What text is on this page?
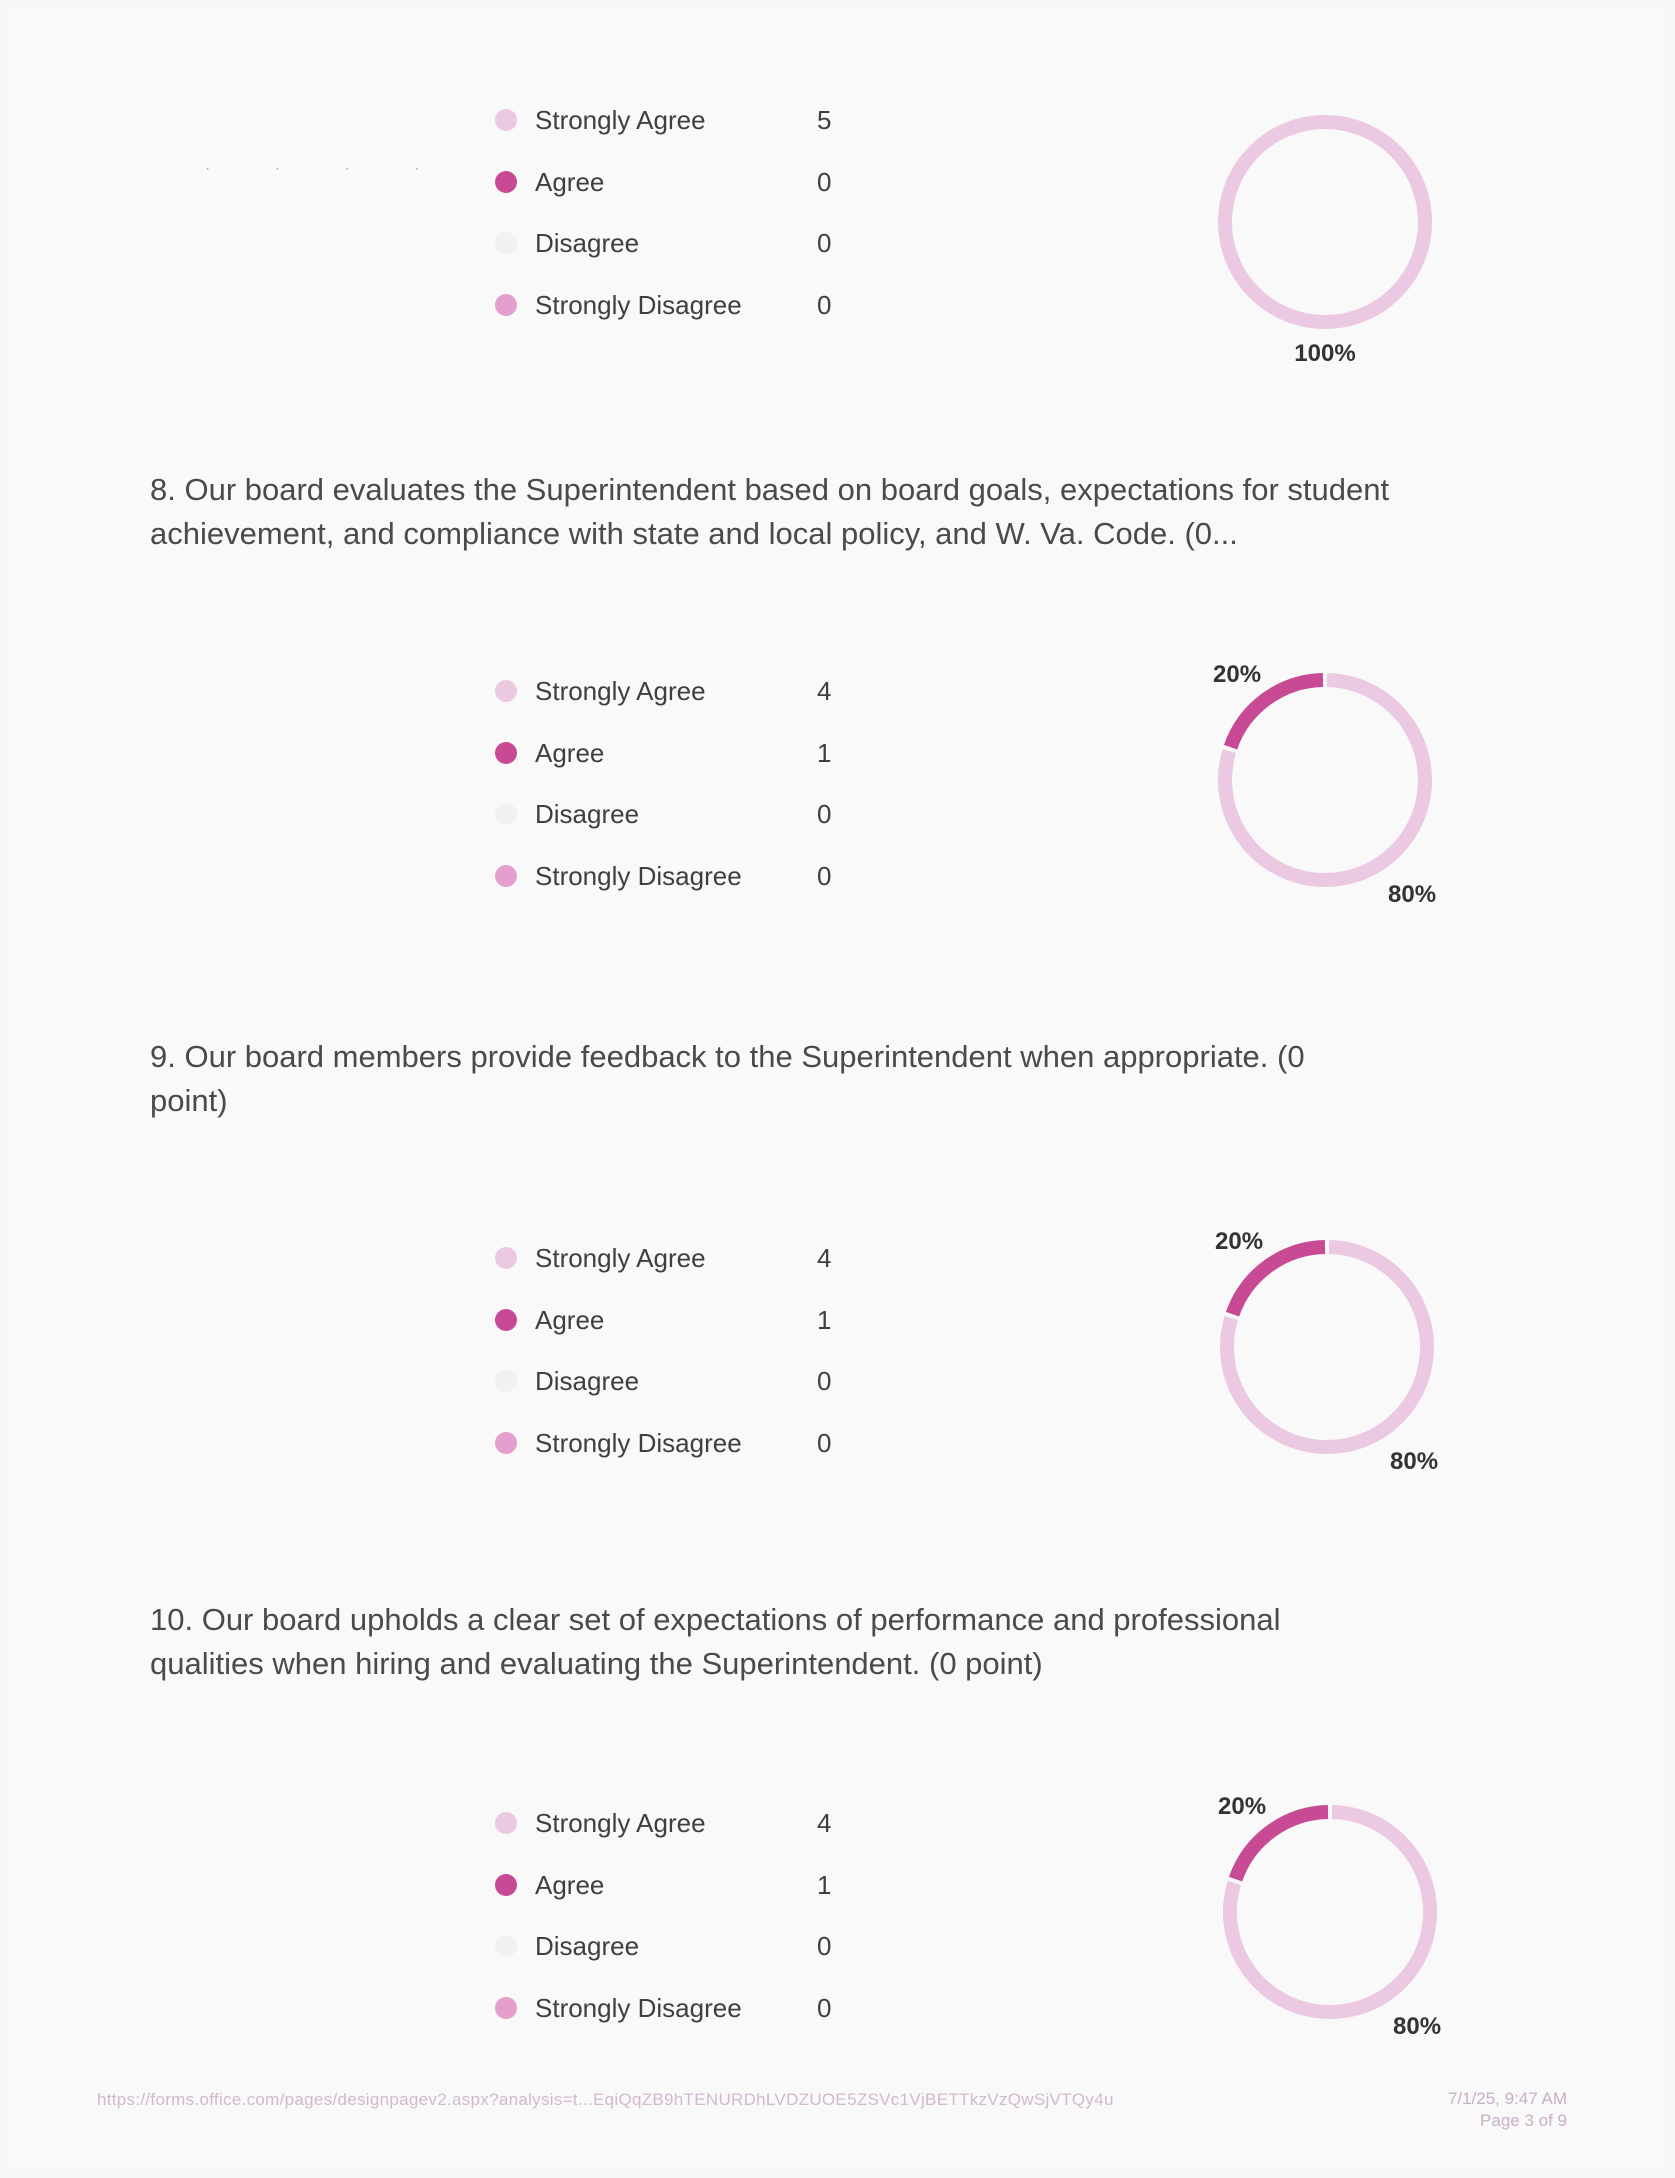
· · · ·
Strongly Agree	5
Agree	0
Disagree	0
Strongly Disagree	0
100%

8. Our board evaluates the Superintendent based on board goals, expectations for student achievement, and compliance with state and local policy, and W. Va. Code. (0...

Strongly Agree	4
Agree	1
Disagree	0
Strongly Disagree	0
80%
20%

9. Our board members provide feedback to the Superintendent when appropriate. (0 point)

Strongly Agree	4
Agree	1
Disagree	0
Strongly Disagree	0
80%
20%

10. Our board upholds a clear set of expectations of performance and professional qualities when hiring and evaluating the Superintendent. (0 point)

Strongly Agree	4
Agree	1
Disagree	0
Strongly Disagree	0
80%
20%
https://forms.office.com/pages/designpagev2.aspx?analysis=t...EqiQqZB9hTENURDhLVDZUOE5ZSVc1VjBETTkzVzQwSjVTQy4u	7/1/25, 9:47 AM
Page 3 of 9
